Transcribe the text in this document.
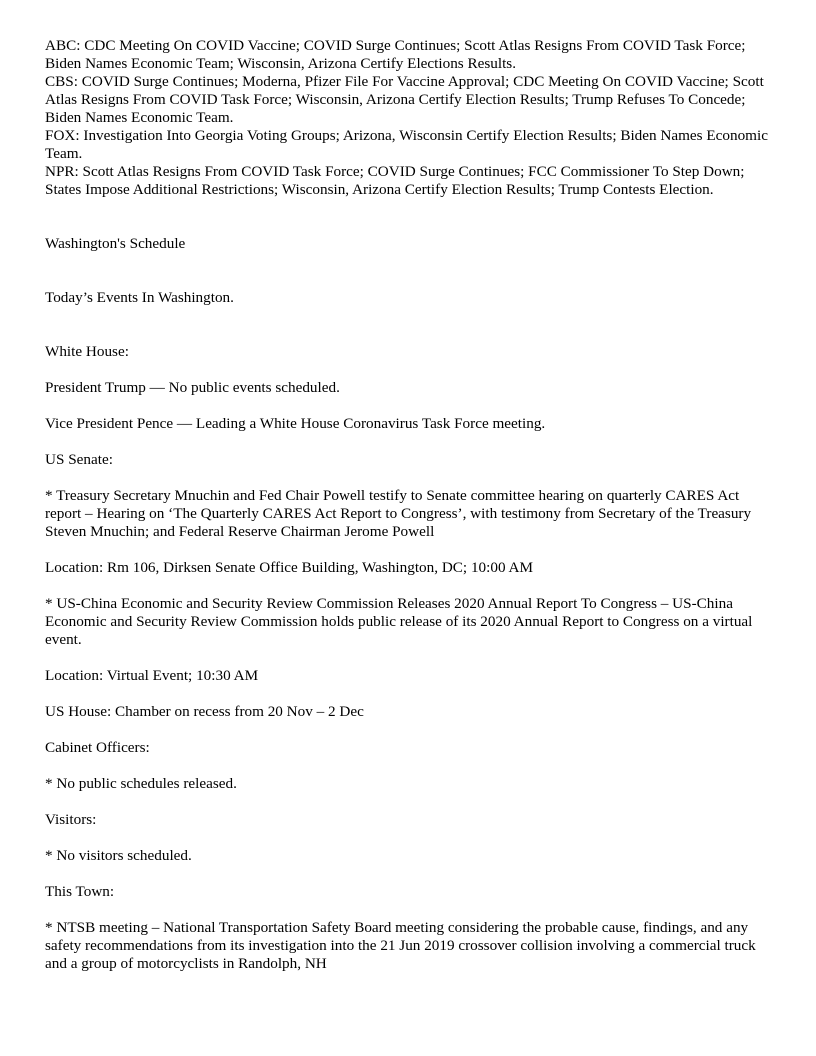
ABC: CDC Meeting On COVID Vaccine; COVID Surge Continues; Scott Atlas Resigns From COVID Task Force; Biden Names Economic Team; Wisconsin, Arizona Certify Elections Results.

CBS: COVID Surge Continues; Moderna, Pfizer File For Vaccine Approval; CDC Meeting On COVID Vaccine; Scott Atlas Resigns From COVID Task Force; Wisconsin, Arizona Certify Election Results; Trump Refuses To Concede; Biden Names Economic Team.

FOX: Investigation Into Georgia Voting Groups; Arizona, Wisconsin Certify Election Results; Biden Names Economic Team.

NPR: Scott Atlas Resigns From COVID Task Force; COVID Surge Continues; FCC Commissioner To Step Down; States Impose Additional Restrictions; Wisconsin, Arizona Certify Election Results; Trump Contests Election.

Washington's Schedule

Today’s Events In Washington.

White House:

President Trump — No public events scheduled.

Vice President Pence — Leading a White House Coronavirus Task Force meeting.

US Senate:

* Treasury Secretary Mnuchin and Fed Chair Powell testify to Senate committee hearing on quarterly CARES Act report – Hearing on ‘The Quarterly CARES Act Report to Congress’, with testimony from Secretary of the Treasury Steven Mnuchin; and Federal Reserve Chairman Jerome Powell

Location: Rm 106, Dirksen Senate Office Building, Washington, DC; 10:00 AM

* US-China Economic and Security Review Commission Releases 2020 Annual Report To Congress – US-China Economic and Security Review Commission holds public release of its 2020 Annual Report to Congress on a virtual event.

Location: Virtual Event; 10:30 AM

US House: Chamber on recess from 20 Nov – 2 Dec

Cabinet Officers:

* No public schedules released.

Visitors:

* No visitors scheduled.

This Town:

* NTSB meeting – National Transportation Safety Board meeting considering the probable cause, findings, and any safety recommendations from its investigation into the 21 Jun 2019 crossover collision involving a commercial truck and a group of motorcyclists in Randolph, NH
